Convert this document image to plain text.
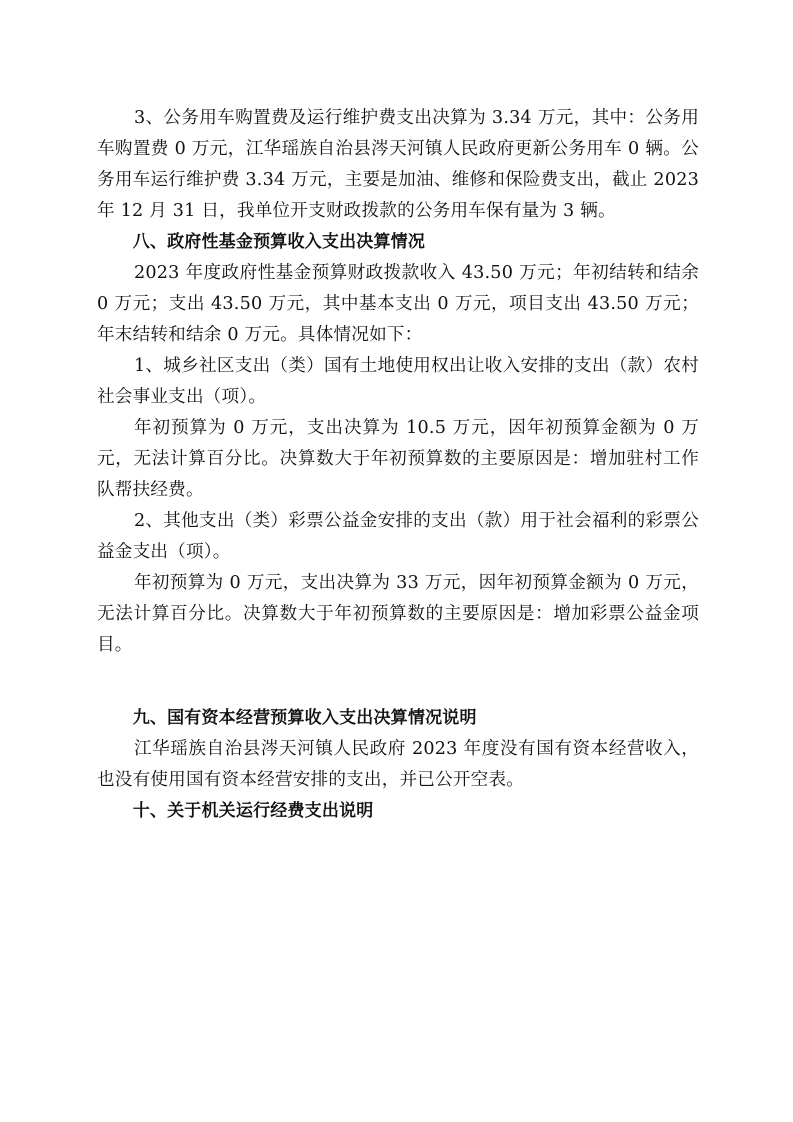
3、公务用车购置费及运行维护费支出决算为 3.34 万元，其中：公务用车购置费 0 万元，江华瑶族自治县涔天河镇人民政府更新公务用车 0 辆。公务用车运行维护费 3.34 万元，主要是加油、维修和保险费支出，截止 2023 年 12 月 31 日，我单位开支财政拨款的公务用车保有量为 3 辆。

八、政府性基金预算收入支出决算情况

2023 年度政府性基金预算财政拨款收入 43.50 万元；年初结转和结余 0 万元；支出 43.50 万元，其中基本支出 0 万元，项目支出 43.50 万元；年末结转和结余 0 万元。具体情况如下：

1、城乡社区支出（类）国有土地使用权出让收入安排的支出（款）农村社会事业支出（项）。

年初预算为 0 万元，支出决算为 10.5 万元，因年初预算金额为 0 万元，无法计算百分比。决算数大于年初预算数的主要原因是：增加驻村工作队帮扶经费。

2、其他支出（类）彩票公益金安排的支出（款）用于社会福利的彩票公益金支出（项）。

年初预算为 0 万元，支出决算为 33 万元，因年初预算金额为 0 万元，无法计算百分比。决算数大于年初预算数的主要原因是：增加彩票公益金项目。

九、国有资本经营预算收入支出决算情况说明

江华瑶族自治县涔天河镇人民政府 2023 年度没有国有资本经营收入，也没有使用国有资本经营安排的支出，并已公开空表。

十、关于机关运行经费支出说明
